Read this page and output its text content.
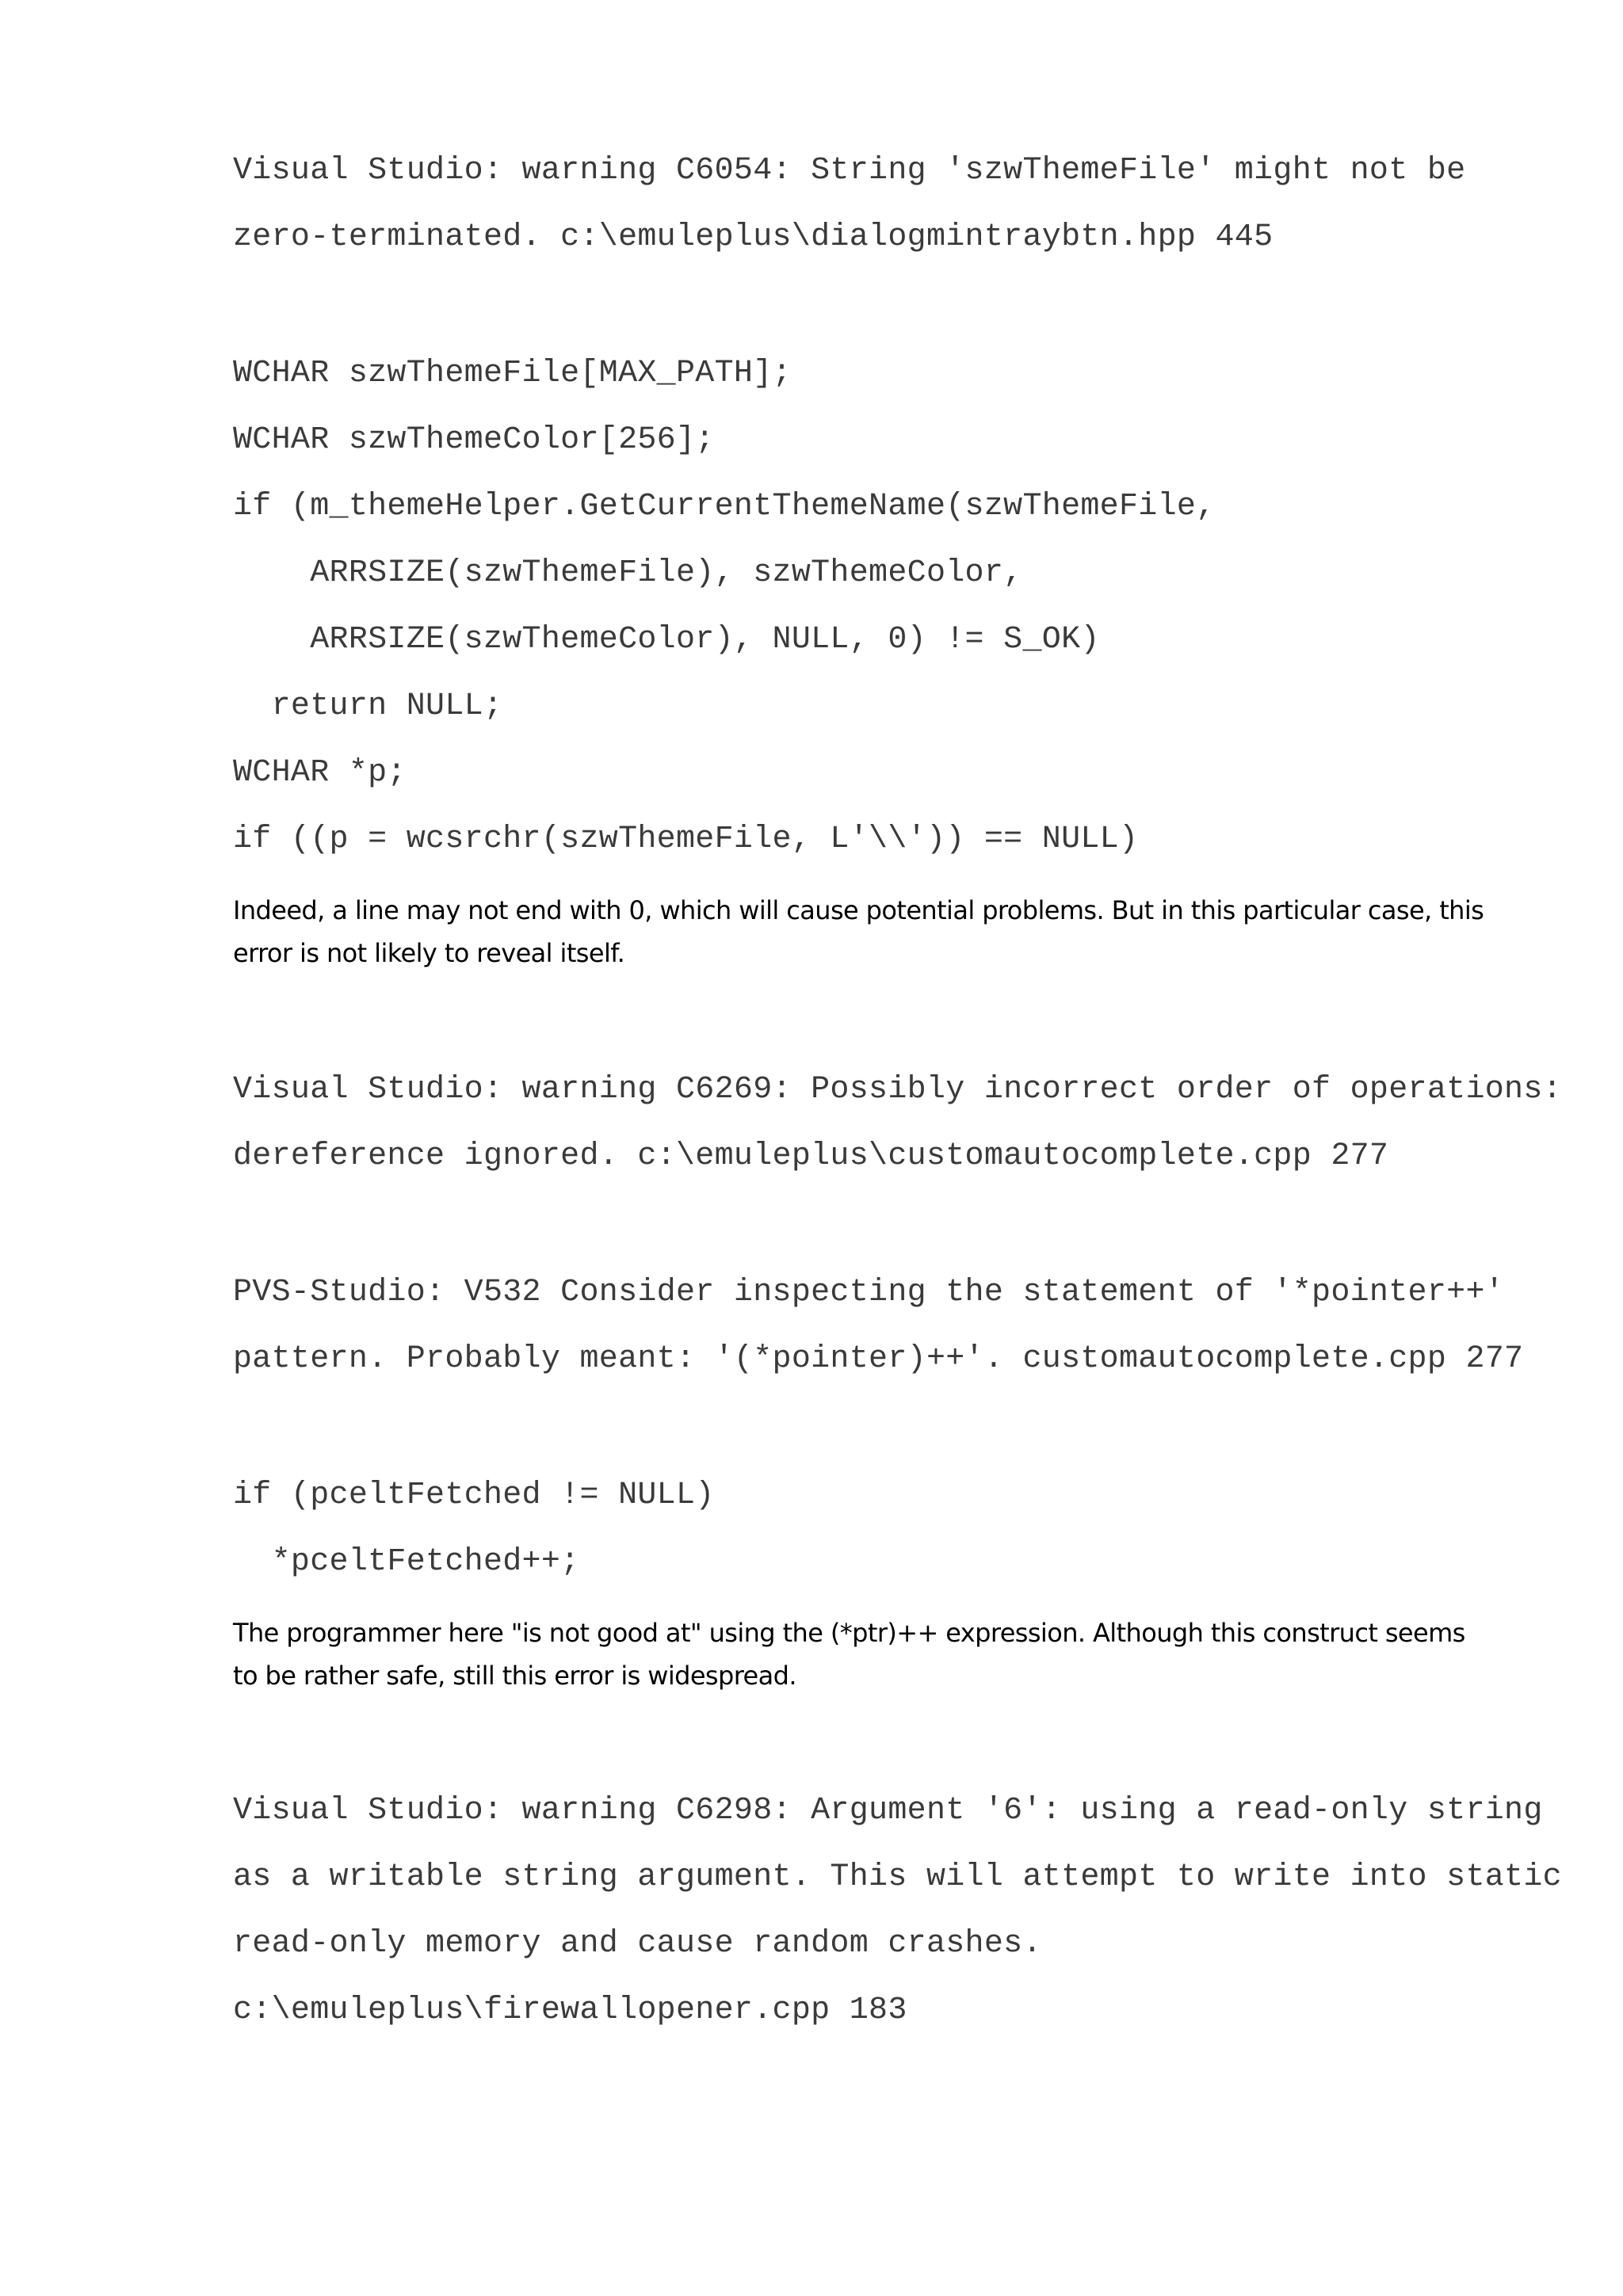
Visual Studio: warning C6054: String 'szwThemeFile' might not be
zero-terminated. c:\emuleplus\dialogmintraybtn.hpp 445
WCHAR szwThemeFile[MAX_PATH];
WCHAR szwThemeColor[256];
if (m_themeHelper.GetCurrentThemeName(szwThemeFile,
ARRSIZE(szwThemeFile), szwThemeColor,
ARRSIZE(szwThemeColor), NULL, 0) != S_OK)
return NULL;
WCHAR *p;
if ((p = wcsrchr(szwThemeFile, L'\\')) == NULL)
Indeed, a line may not end with 0, which will cause potential problems. But in this particular case, this error is not likely to reveal itself.
Visual Studio: warning C6269: Possibly incorrect order of operations:
dereference ignored. c:\emuleplus\customautocomplete.cpp 277
PVS-Studio: V532 Consider inspecting the statement of '*pointer++'
pattern. Probably meant: '(*pointer)++'. customautocomplete.cpp 277
if (pceltFetched != NULL)
*pceltFetched++;
The programmer here "is not good at" using the (*ptr)++ expression. Although this construct seems to be rather safe, still this error is widespread.
Visual Studio: warning C6298: Argument '6': using a read-only string
as a writable string argument. This will attempt to write into static
read-only memory and cause random crashes.
c:\emuleplus\firewallopener.cpp 183
